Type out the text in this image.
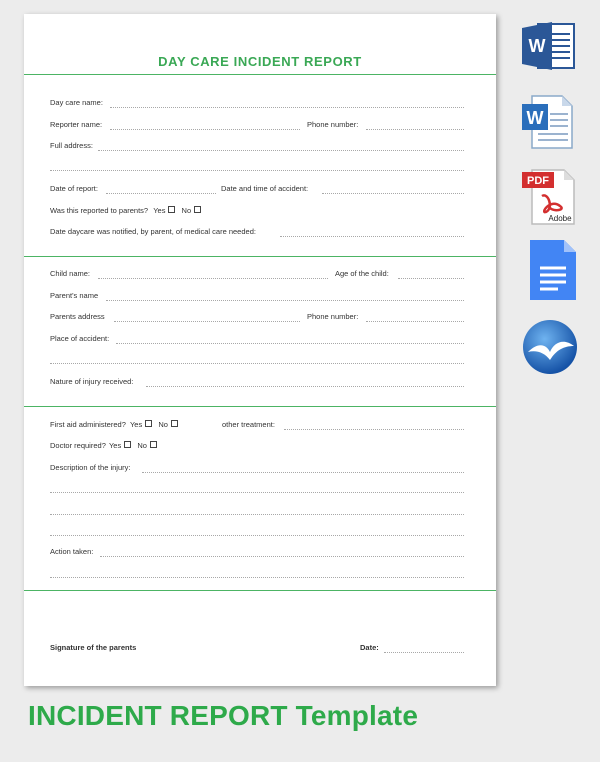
DAY CARE INCIDENT REPORT
Day care name:
Reporter name:	Phone number:
Full address:
Date of report:	Date and time of accident:
Was this reported to parents? Yes No
Date daycare was notified, by parent, of medical care needed:
Child name:	Age of the child:
Parent's name
Parents address	Phone number:
Place of accident:
Nature of injury received:
First aid administered? Yes No	other treatment:
Doctor required? Yes No
Description of the injury:
Action taken:
Signature of the parents	Date:
W
W
PDF
Adobe
INCIDENT REPORT Template
